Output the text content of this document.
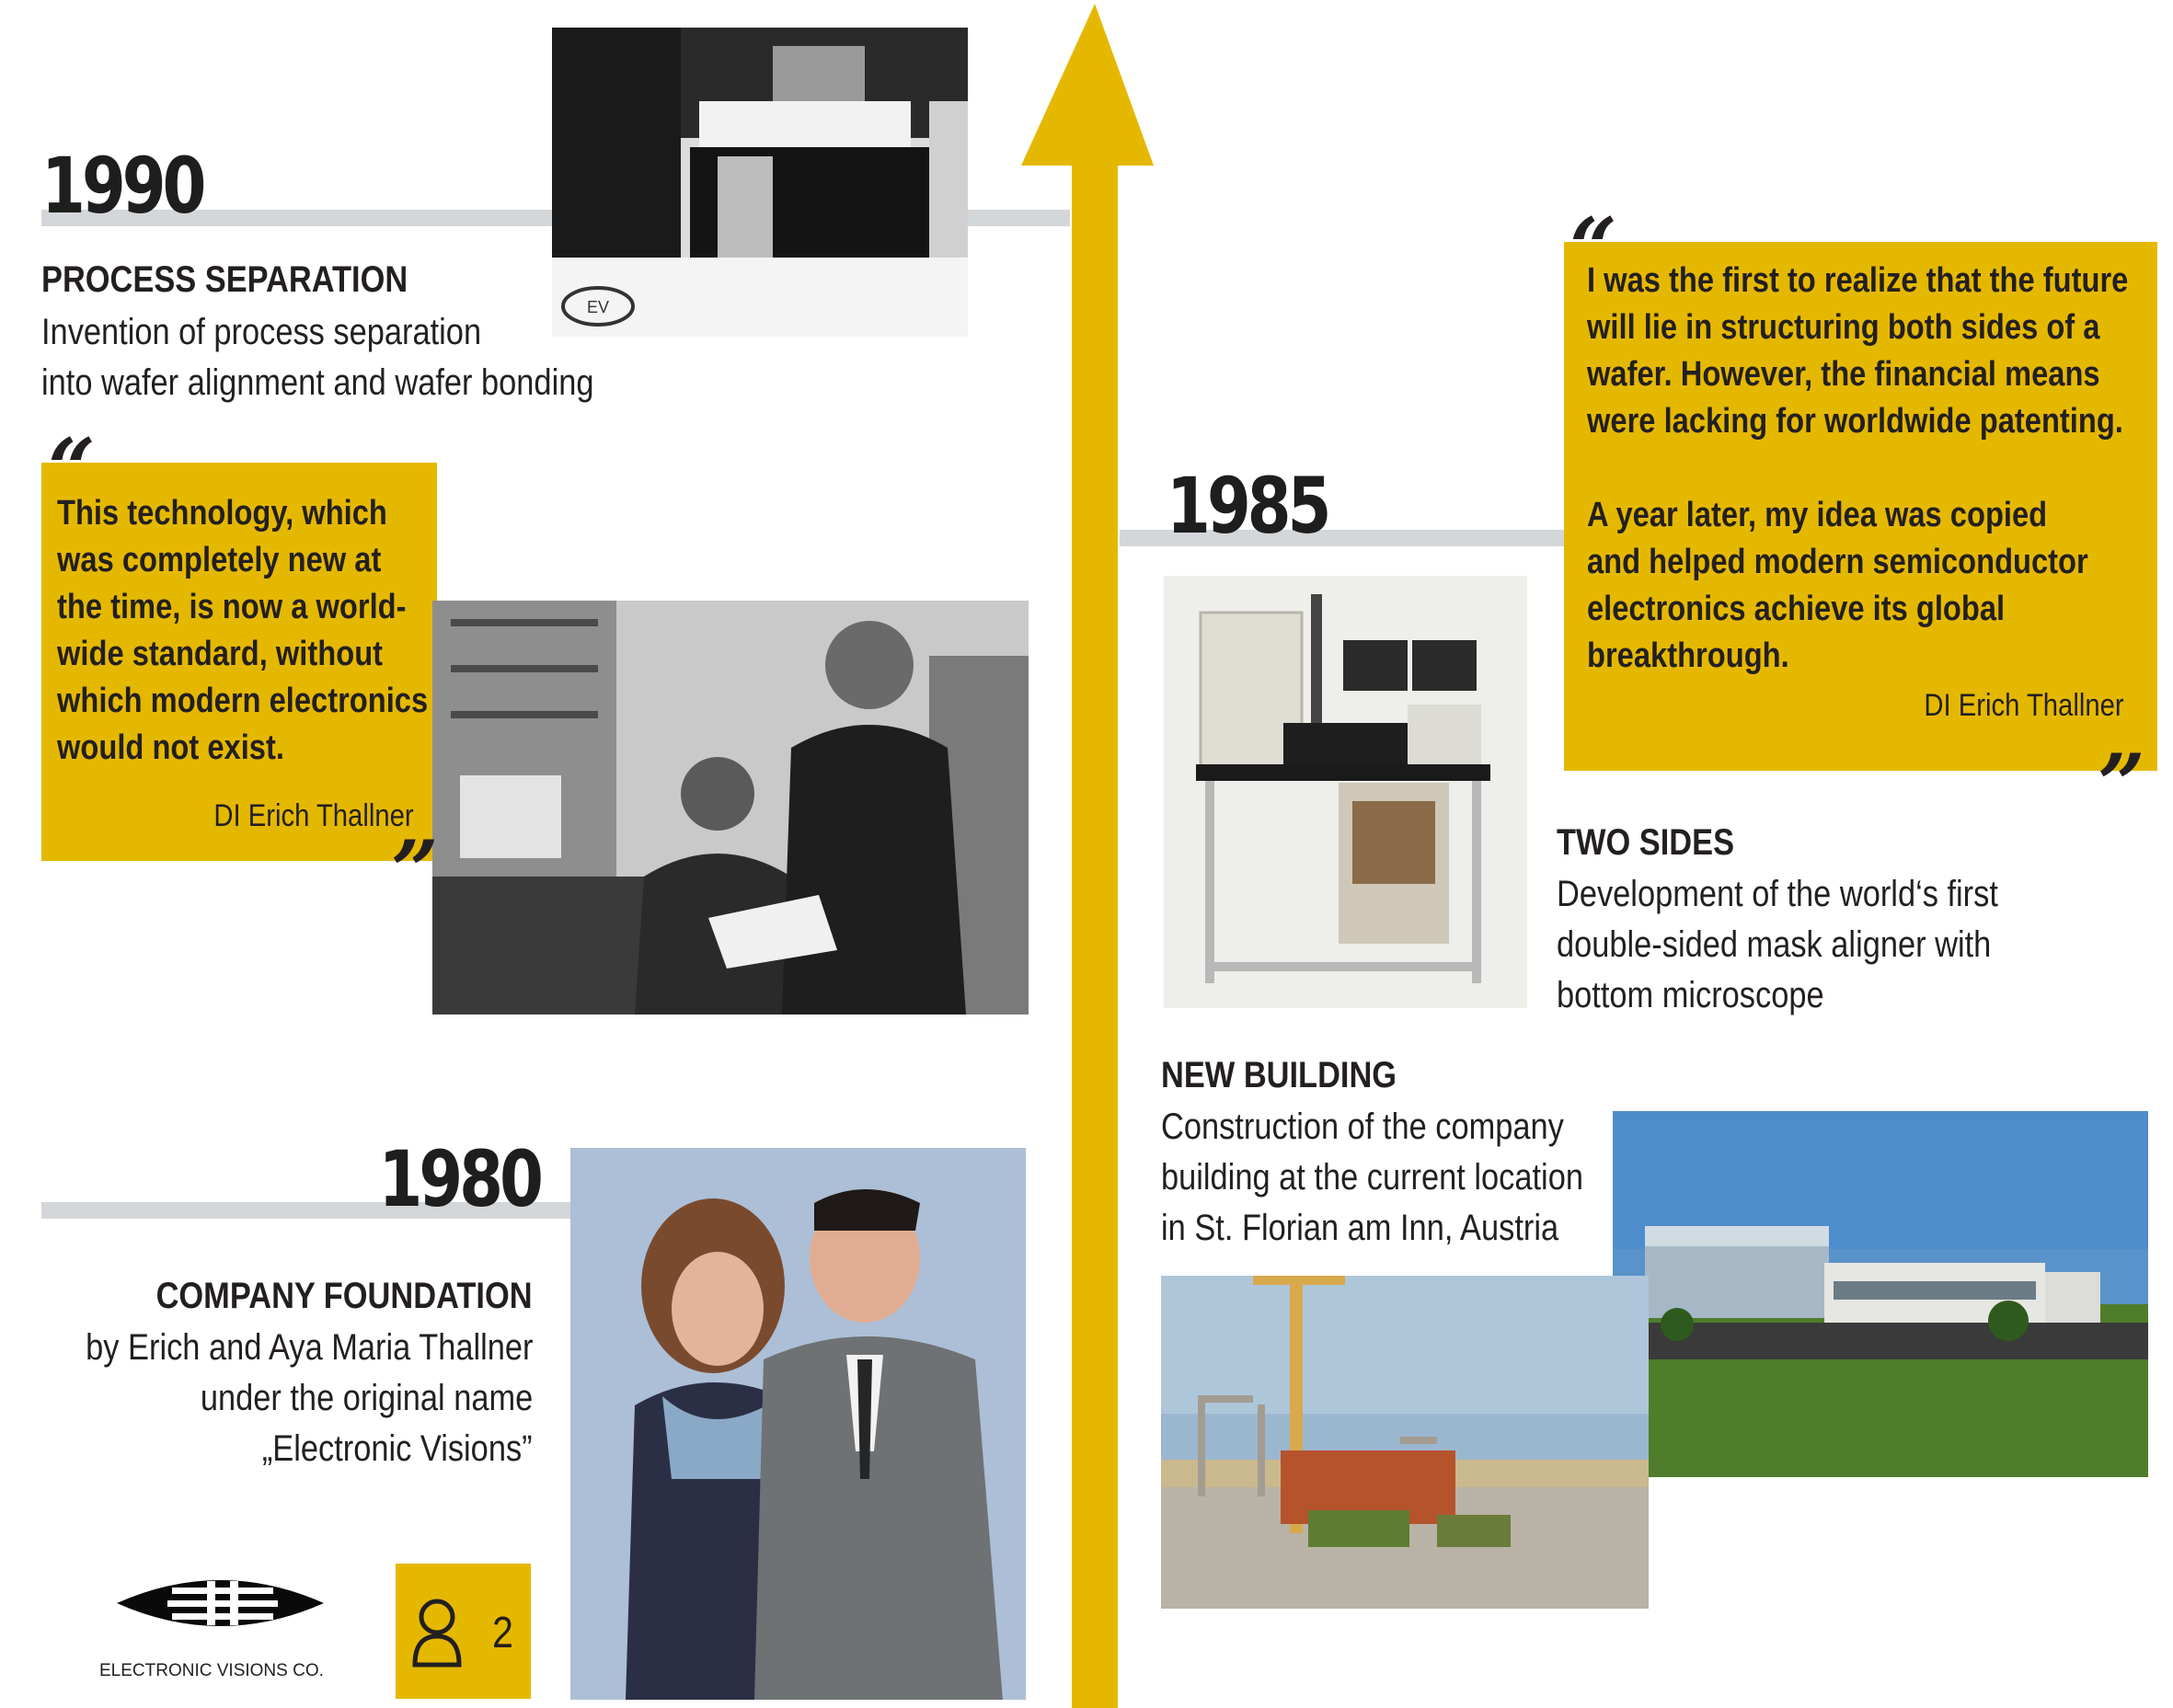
1990
PROCESS SEPARATION
Invention of process separation
into wafer alignment and wafer bonding
EV
“
This technology, which
was completely new at
the time, is now a world-
wide standard, without
which modern electronics
would not exist.
DI Erich Thallner
”
1985
“
I was the first to realize that the future
will lie in structuring both sides of a
wafer. However, the financial means
were lacking for worldwide patenting.
A year later, my idea was copied
and helped modern semiconductor
electronics achieve its global
breakthrough.
DI Erich Thallner
”
TWO SIDES
Development of the world‘s first
double-sided mask aligner with
bottom microscope
NEW BUILDING
Construction of the company
building at the current location
in St. Florian am Inn, Austria
1980
COMPANY FOUNDATION
by Erich and Aya Maria Thallner
under the original name
„Electronic Visions”
ELECTRONIC VISIONS CO.
2
